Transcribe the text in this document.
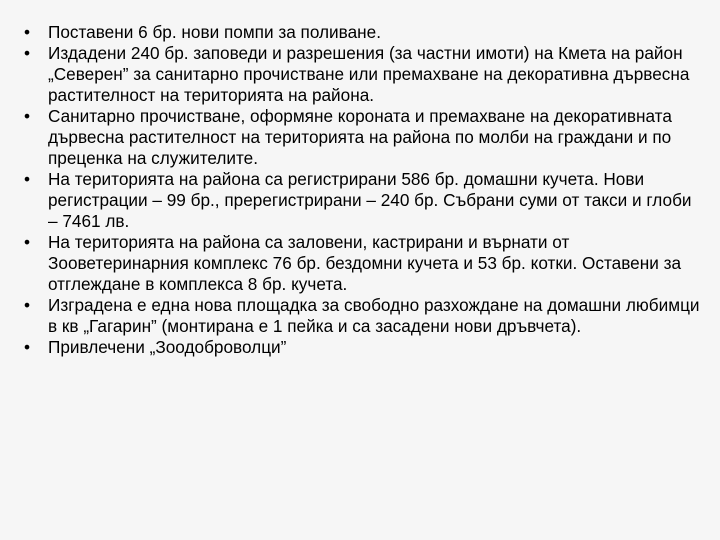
•	Поставени 6 бр. нови помпи за поливане.
•	Издадени 240 бр. заповеди и разрешения (за частни имоти) на Кмета на район „Северен” за санитарно прочистване или премахване на декоративна дървесна растителност на територията на района.
•	Санитарно прочистване, оформяне короната и премахване на декоративната дървесна растителност на територията на района по молби на граждани и по преценка на служителите.
•	На територията на района са регистрирани 586 бр. домашни кучета. Нови регистрации – 99 бр., пререгистрирани – 240 бр. Събрани суми от такси и глоби – 7461 лв.
•	На територията на района са заловени, кастрирани и върнати от Зооветеринарния комплекс 76 бр. бездомни кучета и 53 бр. котки. Оставени за отглеждане в комплекса 8 бр. кучета.
•	Изградена е една нова площадка за свободно разхождане на домашни любимци в кв „Гагарин” (монтирана е 1 пейка и са засадени нови дръвчета).
•	Привлечени „Зоодоброволци”
